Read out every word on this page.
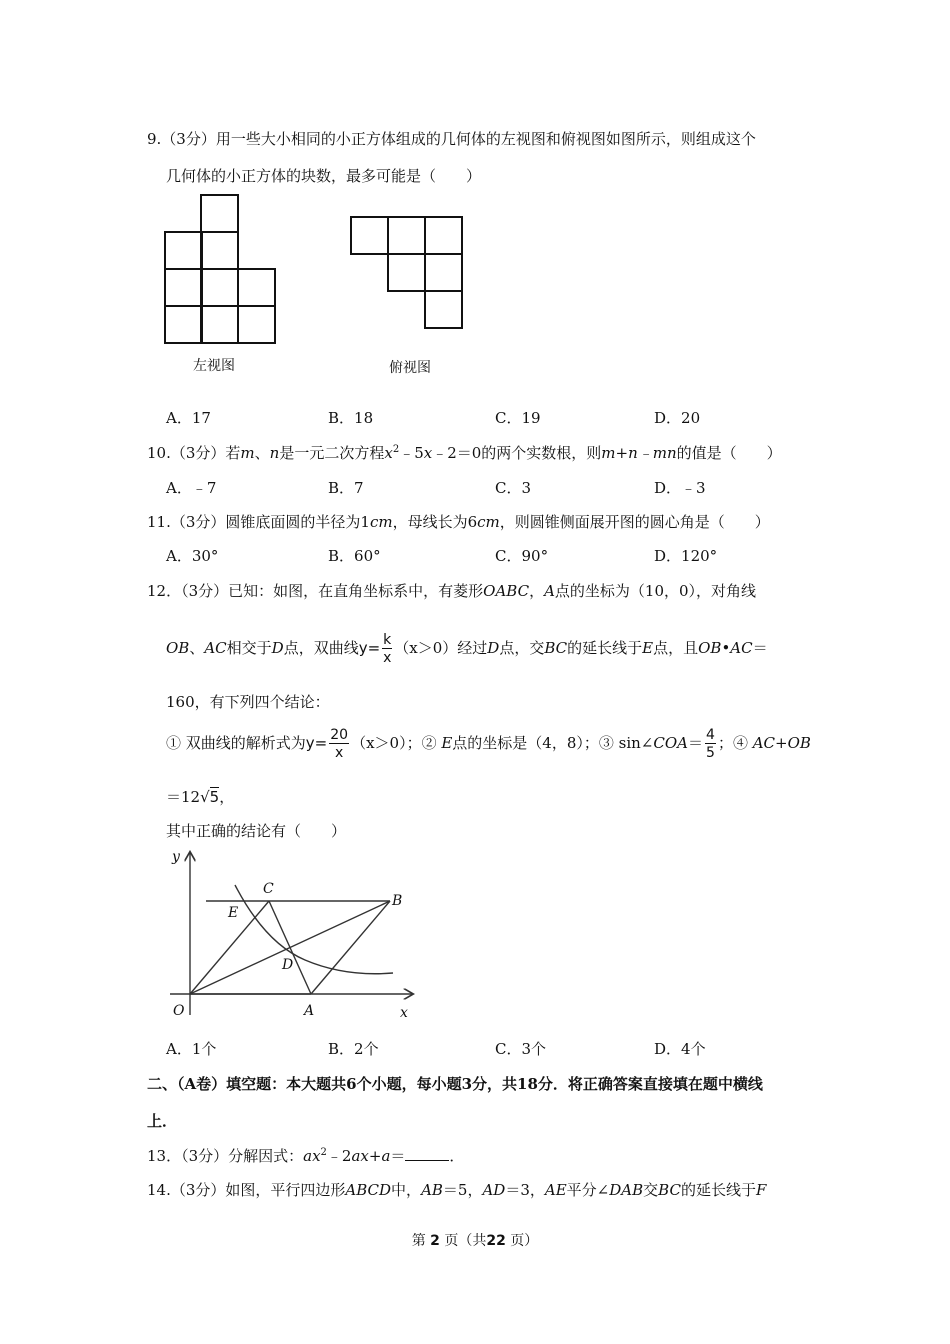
9.（3分）用一些大小相同的小正方体组成的几何体的左视图和俯视图如图所示，则组成这个
几何体的小正方体的块数，最多可能是（　　）
左视图	俯视图
A．17	B．18	C．19	D．20
10.（3分）若m、n是一元二次方程$x^2﹣5x﹣2=0$的两个实数根，则m+n﹣mn的值是（　　）
A．﹣7	B．7	C．3	D．﹣3
11.（3分）圆锥底面圆的半径为1cm，母线长为6cm，则圆锥侧面展开图的圆心角是（　　）
A．30°	B．60°	C．90°	D．120°
12．（3分）已知：如图，在直角坐标系中，有菱形OABC，A点的坐标为（10，0），对角线
OB、AC相交于D点，双曲线$y= \frac{k}{x} (x>0)$经过D点，交BC的延长线于E点，且OB•AC＝
160，有下列四个结论：
① 双曲线的解析式为$y= \frac{20}{x} (x>0)$；② E点的坐标是（4，8）；③ sin∠COA＝ $\frac{4}{5}$ ；④ AC+OB
＝12√5，
其中正确的结论有（　　）
y
x
O	A
B
C
D
E
A．1个	B．2个	C．3个	D．4个
二、（A卷）填空题：本大题共6个小题，每小题3分，共18分．将正确答案直接填在题中横线
上．
13．（3分）分解因式：$ax^2﹣2ax+a=$	．
14.（3分）如图，平行四边形ABCD中，AB＝5，AD＝3，AE平分∠DAB交BC的延长线于F
第 2 页（共22 页）
